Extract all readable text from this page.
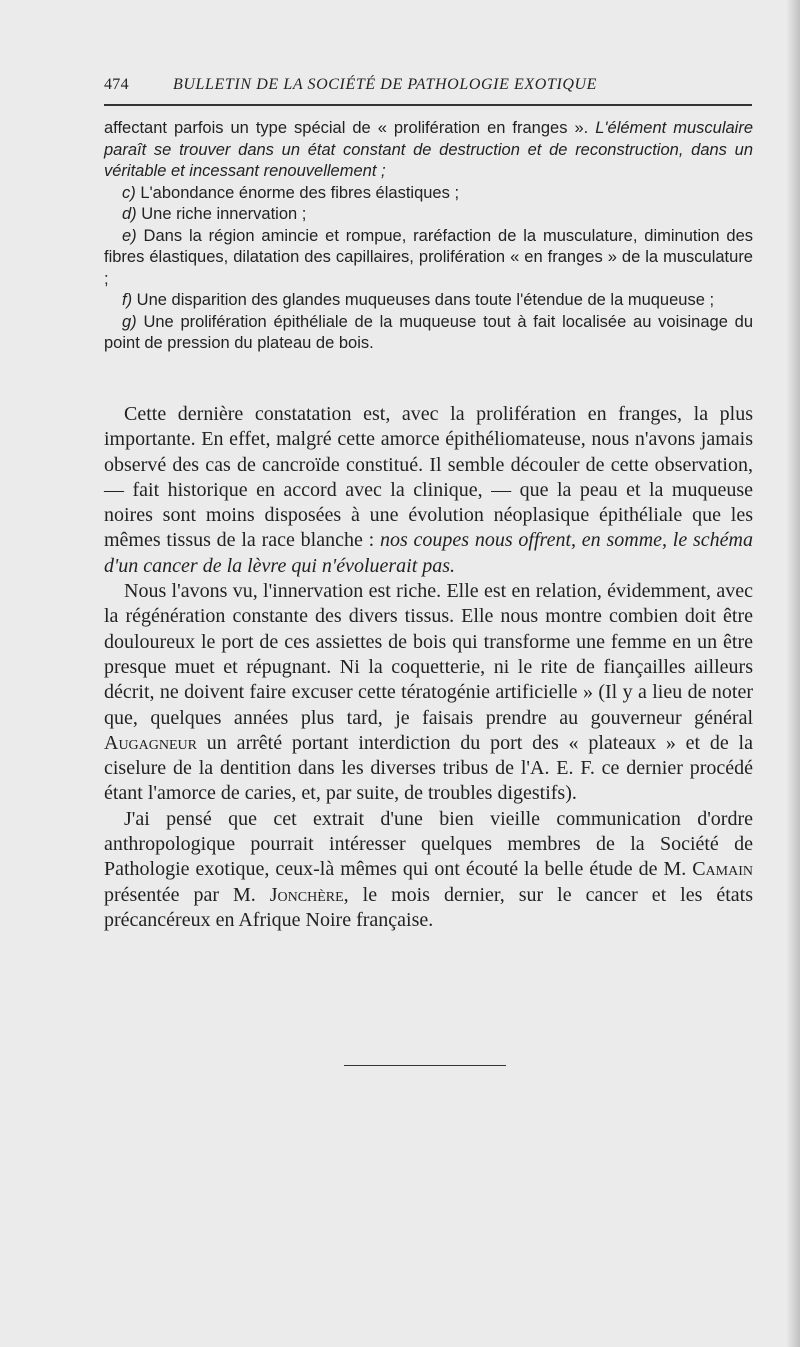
474	BULLETIN DE LA SOCIÉTÉ DE PATHOLOGIE EXOTIQUE

affectant parfois un type spécial de « prolifération en franges ». L'élément musculaire paraît se trouver dans un état constant de destruction et de reconstruction, dans un véritable et incessant renouvellement ;

c) L'abondance énorme des fibres élastiques ;

d) Une riche innervation ;

e) Dans la région amincie et rompue, raréfaction de la musculature, diminution des fibres élastiques, dilatation des capillaires, prolifération « en franges » de la musculature ;

f) Une disparition des glandes muqueuses dans toute l'étendue de la muqueuse ;

g) Une prolifération épithéliale de la muqueuse tout à fait localisée au voisinage du point de pression du plateau de bois.

Cette dernière constatation est, avec la prolifération en franges, la plus importante. En effet, malgré cette amorce épithéliomateuse, nous n'avons jamais observé des cas de cancroïde constitué. Il semble découler de cette observation, — fait historique en accord avec la clinique, — que la peau et la muqueuse noires sont moins disposées à une évolution néoplasique épithéliale que les mêmes tissus de la race blanche : nos coupes nous offrent, en somme, le schéma d'un cancer de la lèvre qui n'évoluerait pas.

Nous l'avons vu, l'innervation est riche. Elle est en relation, évidemment, avec la régénération constante des divers tissus. Elle nous montre combien doit être douloureux le port de ces assiettes de bois qui transforme une femme en un être presque muet et répugnant. Ni la coquetterie, ni le rite de fiançailles ailleurs décrit, ne doivent faire excuser cette tératogénie artificielle » (Il y a lieu de noter que, quelques années plus tard, je faisais prendre au gouverneur général Augagneur un arrêté portant interdiction du port des « plateaux » et de la ciselure de la dentition dans les diverses tribus de l'A. E. F. ce dernier procédé étant l'amorce de caries, et, par suite, de troubles digestifs).

J'ai pensé que cet extrait d'une bien vieille communication d'ordre anthropologique pourrait intéresser quelques membres de la Société de Pathologie exotique, ceux-là mêmes qui ont écouté la belle étude de M. Camain présentée par M. Jonchère, le mois dernier, sur le cancer et les états précancéreux en Afrique Noire française.
